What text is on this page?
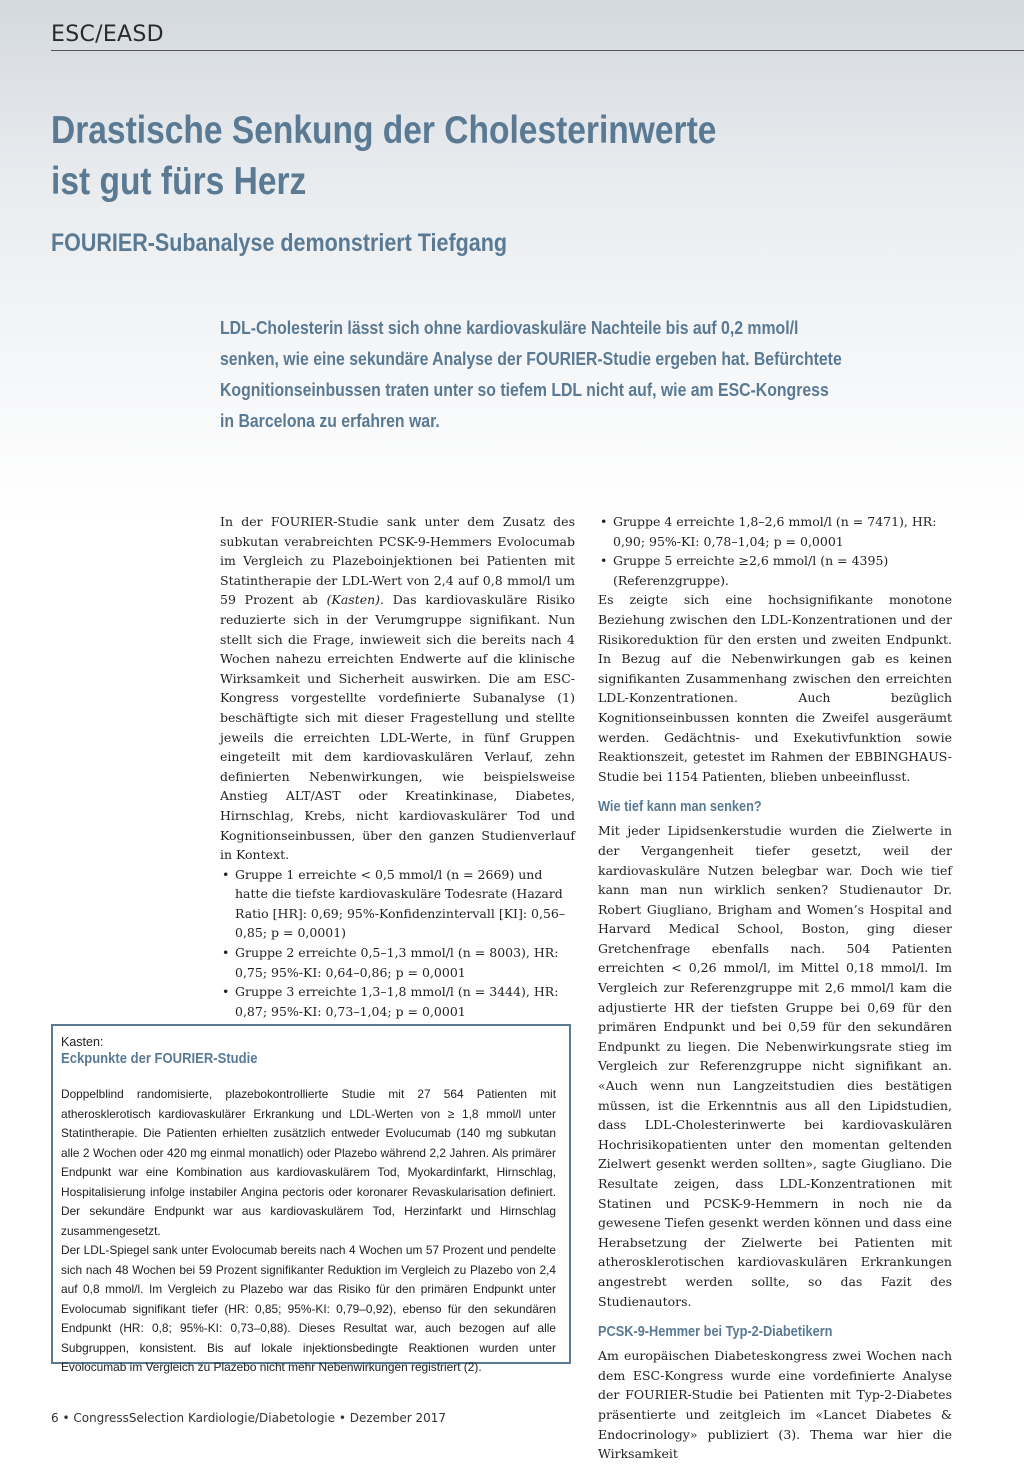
ESC/EASD
Drastische Senkung der Cholesterinwerte
ist gut fürs Herz
FOURIER-Subanalyse demonstriert Tiefgang
LDL-Cholesterin lässt sich ohne kardiovaskuläre Nachteile bis auf 0,2 mmol/l
senken, wie eine sekundäre Analyse der FOURIER-Studie ergeben hat. Befürchtete
Kognitionseinbussen traten unter so tiefem LDL nicht auf, wie am ESC-Kongress
in Barcelona zu erfahren war.

In der FOURIER-Studie sank unter dem Zusatz des subkutan verabreichten PCSK-9-Hemmers Evolocumab im Vergleich zu Plazeboinjektionen bei Patienten mit Statintherapie der LDL-Wert von 2,4 auf 0,8 mmol/l um 59 Prozent ab (Kasten). Das kardiovaskuläre Risiko reduzierte sich in der Verumgruppe signifikant. Nun stellt sich die Frage, inwieweit sich die bereits nach 4 Wochen nahezu erreichten Endwerte auf die klinische Wirksamkeit und Sicherheit auswirken. Die am ESC-Kongress vorgestellte vordefinierte Subanalyse (1) beschäftigte sich mit dieser Fragestellung und stellte jeweils die erreichten LDL-Werte, in fünf Gruppen eingeteilt mit dem kardiovaskulären Verlauf, zehn definierten Nebenwirkungen, wie beispielsweise Anstieg ALT/AST oder Kreatinkinase, Diabetes, Hirnschlag, Krebs, nicht kardiovaskulärer Tod und Kognitionseinbussen, über den ganzen Studienverlauf in Kontext.

• Gruppe 1 erreichte < 0,5 mmol/l (n = 2669) und hatte die tiefste kardiovaskuläre Todesrate (Hazard Ratio [HR]: 0,69; 95%-Konfidenzintervall [KI]: 0,56–0,85; p = 0,0001)
• Gruppe 2 erreichte 0,5–1,3 mmol/l (n = 8003), HR: 0,75; 95%-KI: 0,64–0,86; p = 0,0001
• Gruppe 3 erreichte 1,3–1,8 mmol/l (n = 3444), HR: 0,87; 95%-KI: 0,73–1,04; p = 0,0001
• Gruppe 4 erreichte 1,8–2,6 mmol/l (n = 7471), HR: 0,90; 95%-KI: 0,78–1,04; p = 0,0001
• Gruppe 5 erreichte ≥2,6 mmol/l (n = 4395) (Referenzgruppe).

Es zeigte sich eine hochsignifikante monotone Beziehung zwischen den LDL-Konzentrationen und der Risikoreduktion für den ersten und zweiten Endpunkt. In Bezug auf die Nebenwirkungen gab es keinen signifikanten Zusammenhang zwischen den erreichten LDL-Konzentrationen. Auch bezüglich Kognitionseinbussen konnten die Zweifel ausgeräumt werden. Gedächtnis- und Exekutivfunktion sowie Reaktionszeit, getestet im Rahmen der EBBINGHAUS-Studie bei 1154 Patienten, blieben unbeeinflusst.

Wie tief kann man senken?

Mit jeder Lipidsenkerstudie wurden die Zielwerte in der Vergangenheit tiefer gesetzt, weil der kardiovaskuläre Nutzen belegbar war. Doch wie tief kann man nun wirklich senken? Studienautor Dr. Robert Giugliano, Brigham and Women’s Hospital and Harvard Medical School, Boston, ging dieser Gretchenfrage ebenfalls nach. 504 Patienten erreichten < 0,26 mmol/l, im Mittel 0,18 mmol/l. Im Vergleich zur Referenzgruppe mit 2,6 mmol/l kam die adjustierte HR der tiefsten Gruppe bei 0,69 für den primären Endpunkt und bei 0,59 für den sekundären Endpunkt zu liegen. Die Nebenwirkungsrate stieg im Vergleich zur Referenzgruppe nicht signifikant an. «Auch wenn nun Langzeitstudien dies bestätigen müssen, ist die Erkenntnis aus all den Lipidstudien, dass LDL-Cholesterinwerte bei kardiovaskulären Hochrisikopatienten unter den momentan geltenden Zielwert gesenkt werden sollten», sagte Giugliano. Die Resultate zeigen, dass LDL-Konzentrationen mit Statinen und PCSK-9-Hemmern in noch nie da gewesene Tiefen gesenkt werden können und dass eine Herabsetzung der Zielwerte bei Patienten mit atherosklerotischen kardiovaskulären Erkrankungen angestrebt werden sollte, so das Fazit des Studienautors.

PCSK-9-Hemmer bei Typ-2-Diabetikern

Am europäischen Diabeteskongress zwei Wochen nach dem ESC-Kongress wurde eine vordefinierte Analyse der FOURIER-Studie bei Patienten mit Typ-2-Diabetes präsentierte und zeitgleich im «Lancet Diabetes & Endocrinology» publiziert (3). Thema war hier die Wirksamkeit

Kasten:
Eckpunkte der FOURIER-Studie

Doppelblind randomisierte, plazebokontrollierte Studie mit 27 564 Patienten mit atherosklerotisch kardiovaskulärer Erkrankung und LDL-Werten von ≥ 1,8 mmol/l unter Statintherapie. Die Patienten erhielten zusätzlich entweder Evolucumab (140 mg subkutan alle 2 Wochen oder 420 mg einmal monatlich) oder Plazebo während 2,2 Jahren. Als primärer Endpunkt war eine Kombination aus kardiovaskulärem Tod, Myokardinfarkt, Hirnschlag, Hospitalisierung infolge instabiler Angina pectoris oder koronarer Revaskularisation definiert. Der sekundäre Endpunkt war aus kardiovaskulärem Tod, Herzinfarkt und Hirnschlag zusammengesetzt.

Der LDL-Spiegel sank unter Evolocumab bereits nach 4 Wochen um 57 Prozent und pendelte sich nach 48 Wochen bei 59 Prozent signifikanter Reduktion im Vergleich zu Plazebo von 2,4 auf 0,8 mmol/l. Im Vergleich zu Plazebo war das Risiko für den primären Endpunkt unter Evolocumab signifikant tiefer (HR: 0,85; 95%-KI: 0,79–0,92), ebenso für den sekundären Endpunkt (HR: 0,8; 95%-KI: 0,73–0,88). Dieses Resultat war, auch bezogen auf alle Subgruppen, konsistent. Bis auf lokale injektionsbedingte Reaktionen wurden unter Evolocumab im Vergleich zu Plazebo nicht mehr Nebenwirkungen registriert (2).

6 • CongressSelection Kardiologie/Diabetologie • Dezember 2017
